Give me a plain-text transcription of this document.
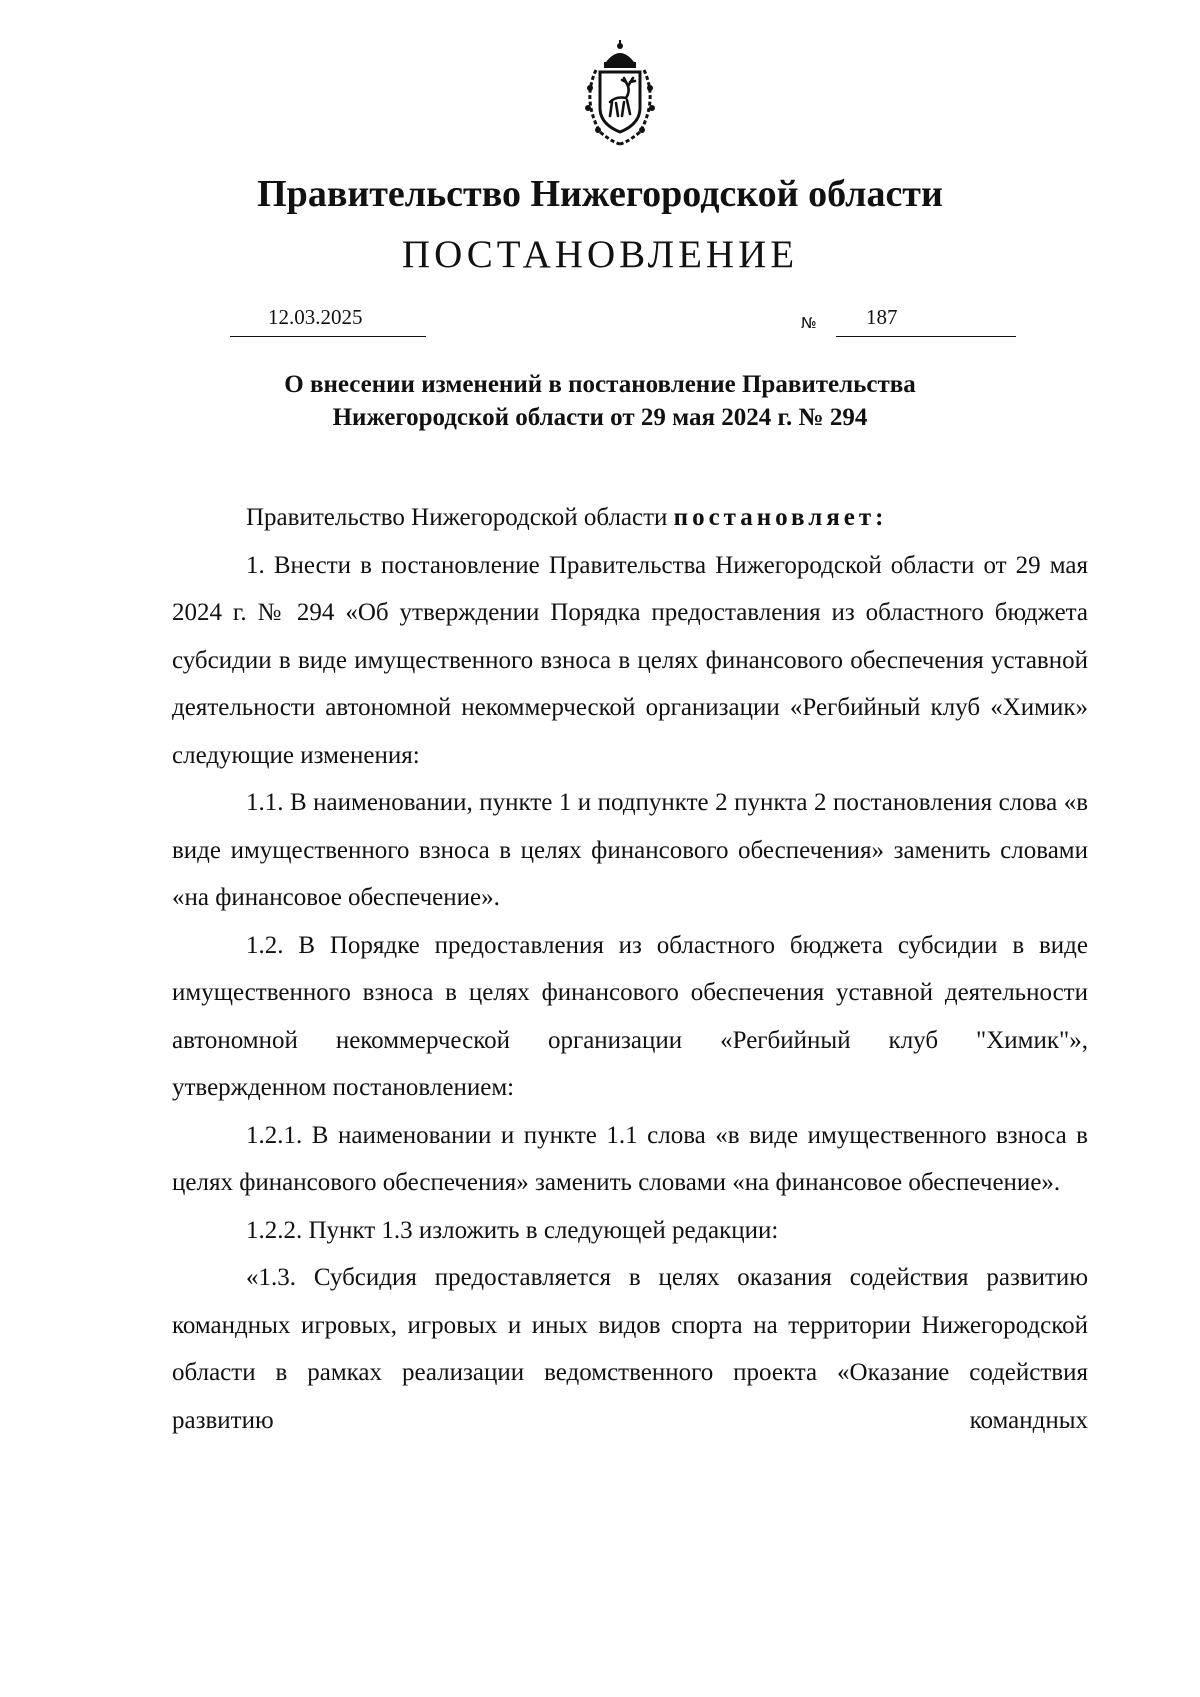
Правительство Нижегородской области
ПОСТАНОВЛЕНИЕ
12.03.2025	№ 187
О внесении изменений в постановление Правительства
Нижегородской области от 29 мая 2024 г. № 294

Правительство Нижегородской области постановляет:

1. Внести в постановление Правительства Нижегородской области от 29 мая 2024 г. № 294 «Об утверждении Порядка предоставления из областного бюджета субсидии в виде имущественного взноса в целях финансового обеспечения уставной деятельности автономной некоммерческой организации «Регбийный клуб «Химик» следующие изменения:

1.1. В наименовании, пункте 1 и подпункте 2 пункта 2 постановления слова «в виде имущественного взноса в целях финансового обеспечения» заменить словами «на финансовое обеспечение».

1.2. В Порядке предоставления из областного бюджета субсидии в виде имущественного взноса в целях финансового обеспечения уставной деятельности автономной некоммерческой организации «Регбийный клуб "Химик"», утвержденном постановлением:

1.2.1. В наименовании и пункте 1.1 слова «в виде имущественного взноса в целях финансового обеспечения» заменить словами «на финансовое обеспечение».

1.2.2. Пункт 1.3 изложить в следующей редакции:

«1.3. Субсидия предоставляется в целях оказания содействия развитию командных игровых, игровых и иных видов спорта на территории Нижегородской области в рамках реализации ведомственного проекта «Оказание содействия развитию командных
